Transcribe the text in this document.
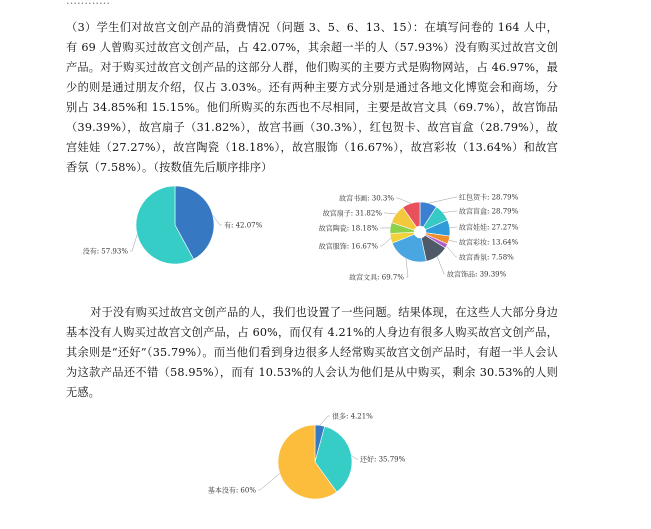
（3）学生们对故宫文创产品的消费情况（问题 3、5、6、13、15）：在填写问卷的 164 人中，有 69 人曾购买过故宫文创产品，占 42.07%，其余超一半的人（57.93%）没有购买过故宫文创产品。对于购买过故宫文创产品的这部分人群，他们购买的主要方式是购物网站，占 46.97%，最少的则是通过朋友介绍，仅占 3.03%。还有两种主要方式分别是通过各地文化博览会和商场，分别占 34.85%和 15.15%。他们所购买的东西也不尽相同，主要是故宫文具（69.7%），故宫饰品（39.39%），故宫扇子（31.82%），故宫书画（30.3%），红包贺卡、故宫盲盒（28.79%），故宫娃娃（27.27%），故宫陶瓷（18.18%），故宫服饰（16.67%），故宫彩妆（13.64%）和故宫香氛（7.58%）。（按数值先后顺序排序）

有: 42.07%
没有: 57.93%
红包贺卡: 28.79%
故宫盲盒: 28.79%
故宫娃娃: 27.27%
故宫彩妆: 13.64%
故宫香氛: 7.58%
故宫饰品: 39.39%
故宫文具: 69.7%
故宫服饰: 16.67%
故宫陶瓷: 18.18%
故宫扇子: 31.82%
故宫书画: 30.3%

对于没有购买过故宫文创产品的人，我们也设置了一些问题。结果体现，在这些人大部分身边基本没有人购买过故宫文创产品，占 60%，而仅有 4.21%的人身边有很多人购买故宫文创产品，其余则是“还好”（35.79%）。而当他们看到身边很多人经常购买故宫文创产品时，有超一半人会认为这款产品还不错（58.95%），而有 10.53%的人会认为他们是从中购买，剩余 30.53%的人则无感。

很多: 4.21%
还好: 35.79%
基本没有: 60%
